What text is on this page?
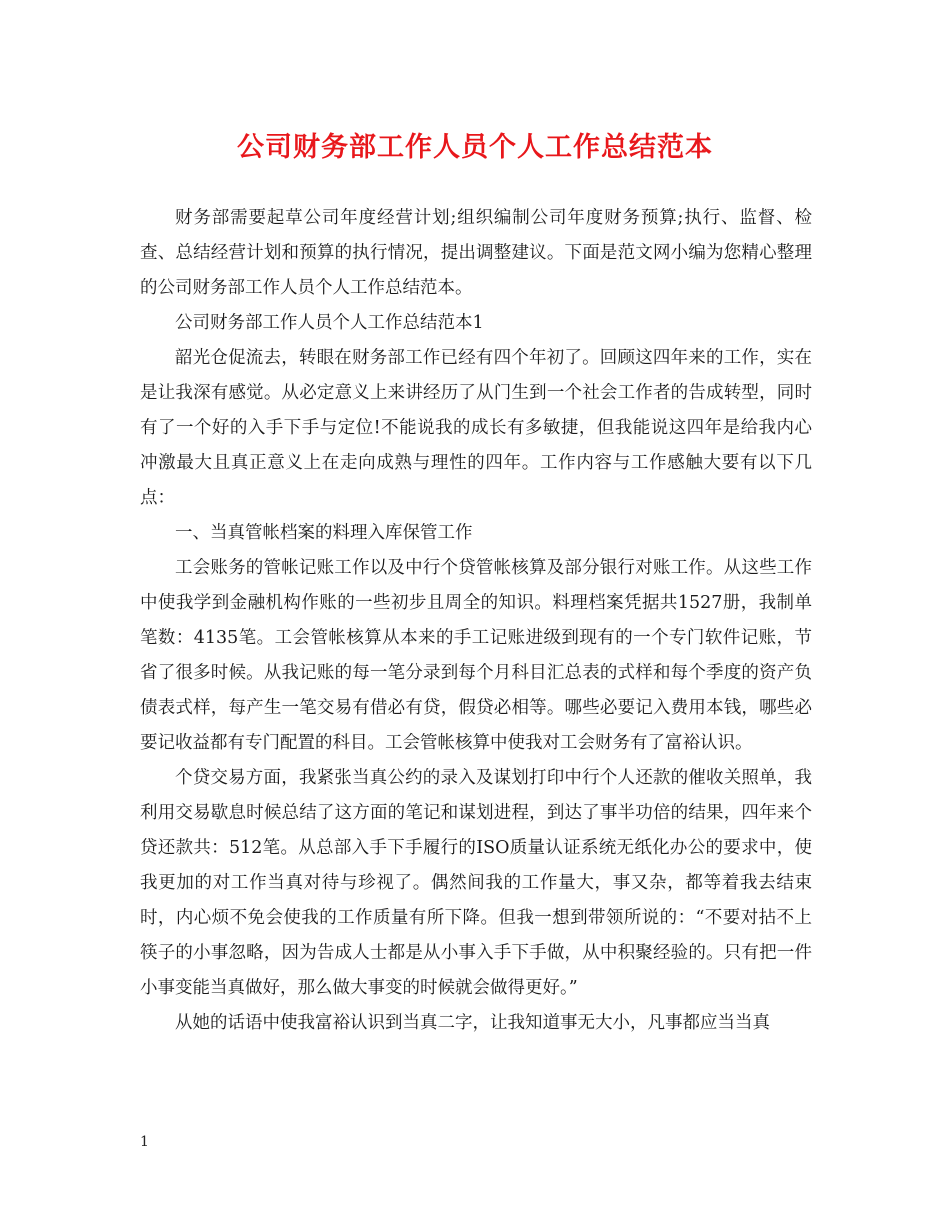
公司财务部工作人员个人工作总结范本

财务部需要起草公司年度经营计划;组织编制公司年度财务预算;执行、监督、检查、总结经营计划和预算的执行情况，提出调整建议。下面是范文网小编为您精心整理的公司财务部工作人员个人工作总结范本。

公司财务部工作人员个人工作总结范本1

韶光仓促流去，转眼在财务部工作已经有四个年初了。回顾这四年来的工作，实在是让我深有感觉。从必定意义上来讲经历了从门生到一个社会工作者的告成转型，同时有了一个好的入手下手与定位!不能说我的成长有多敏捷，但我能说这四年是给我内心冲激最大且真正意义上在走向成熟与理性的四年。工作内容与工作感触大要有以下几点：

一、当真管帐档案的料理入库保管工作

工会账务的管帐记账工作以及中行个贷管帐核算及部分银行对账工作。从这些工作中使我学到金融机构作账的一些初步且周全的知识。料理档案凭据共1527册，我制单笔数：4135笔。工会管帐核算从本来的手工记账进级到现有的一个专门软件记账，节省了很多时候。从我记账的每一笔分录到每个月科目汇总表的式样和每个季度的资产负债表式样，每产生一笔交易有借必有贷，假贷必相等。哪些必要记入费用本钱，哪些必要记收益都有专门配置的科目。工会管帐核算中使我对工会财务有了富裕认识。

个贷交易方面，我紧张当真公约的录入及谋划打印中行个人还款的催收关照单，我利用交易歇息时候总结了这方面的笔记和谋划进程，到达了事半功倍的结果，四年来个贷还款共：512笔。从总部入手下手履行的ISO质量认证系统无纸化办公的要求中，使我更加的对工作当真对待与珍视了。偶然间我的工作量大，事又杂，都等着我去结束时，内心烦不免会使我的工作质量有所下降。但我一想到带领所说的：“不要对拈不上筷子的小事忽略，因为告成人士都是从小事入手下手做，从中积聚经验的。只有把一件小事变能当真做好，那么做大事变的时候就会做得更好。”

从她的话语中使我富裕认识到当真二字，让我知道事无大小，凡事都应当当真

1
